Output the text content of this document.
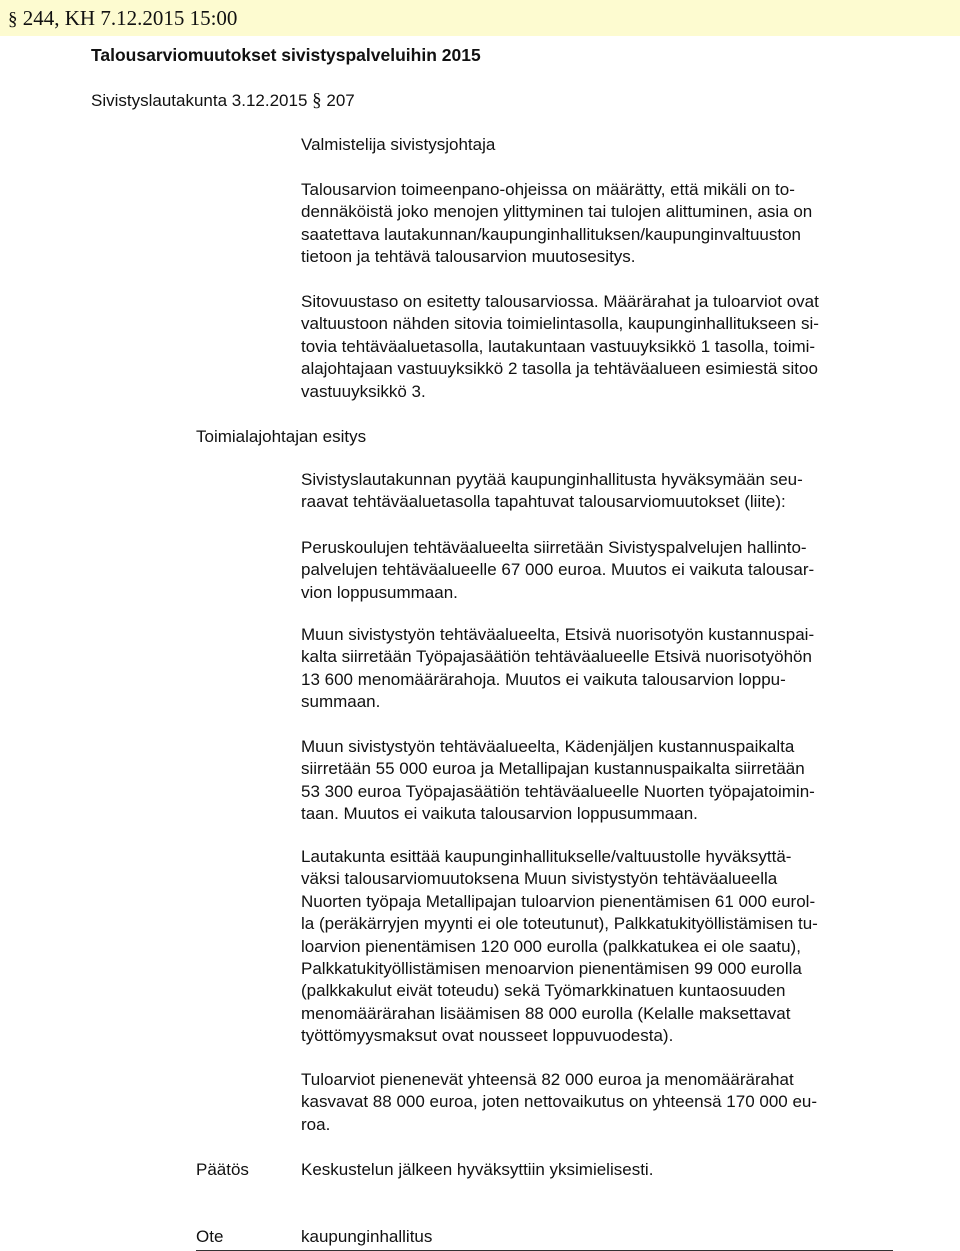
§ 244, KH 7.12.2015 15:00
Talousarviomuutokset sivistyspalveluihin 2015
Sivistyslautakunta 3.12.2015 § 207
Valmistelija sivistysjohtaja
Talousarvion toimeenpano-ohjeissa on määrätty, että mikäli on to-
dennäköistä joko menojen ylittyminen tai tulojen alittuminen, asia on
saatettava lautakunnan/kaupunginhallituksen/kaupunginvaltuuston
tietoon ja tehtävä talousarvion muutosesitys.
Sitovuustaso on esitetty talousarviossa. Määrärahat ja tuloarviot ovat
valtuustoon nähden sitovia toimielintasolla, kaupunginhallitukseen si-
tovia tehtäväaluetasolla, lautakuntaan vastuuyksikkö 1 tasolla, toimi-
alajohtajaan vastuuyksikkö 2 tasolla ja tehtäväalueen esimiestä sitoo
vastuuyksikkö 3.
Toimialajohtajan esitys
Sivistyslautakunnan pyytää kaupunginhallitusta hyväksymään seu-
raavat tehtäväaluetasolla tapahtuvat talousarviomuutokset (liite):
Peruskoulujen tehtäväalueelta siirretään Sivistyspalvelujen hallinto-
palvelujen tehtäväalueelle 67 000 euroa. Muutos ei vaikuta talousar-
vion loppusummaan.
Muun sivistystyön tehtäväalueelta, Etsivä nuorisotyön kustannuspai-
kalta siirretään Työpajasäätiön tehtäväalueelle Etsivä nuorisotyöhön
13 600 menomäärärahoja. Muutos ei vaikuta talousarvion loppu-
summaan.
Muun sivistystyön tehtäväalueelta, Kädenjäljen kustannuspaikalta
siirretään 55 000 euroa ja Metallipajan kustannuspaikalta siirretään
53 300 euroa Työpajasäätiön tehtäväalueelle Nuorten työpajatoimin-
taan. Muutos ei vaikuta talousarvion loppusummaan.
Lautakunta esittää kaupunginhallitukselle/valtuustolle hyväksyttä-
väksi talousarviomuutoksena Muun sivistystyön tehtäväalueella
Nuorten työpaja Metallipajan tuloarvion pienentämisen 61 000 eurol-
la (peräkärryjen myynti ei ole toteutunut), Palkkatukityöllistämisen tu-
loarvion pienentämisen 120 000 eurolla (palkkatukea ei ole saatu),
Palkkatukityöllistämisen menoarvion pienentämisen 99 000 eurolla
(palkkakulut eivät toteudu) sekä Työmarkkinatuen kuntaosuuden
menomäärärahan lisäämisen 88 000 eurolla (Kelalle maksettavat
työttömyysmaksut ovat nousseet loppuvuodesta).
Tuloarviot pienenevät yhteensä 82 000 euroa ja menomäärärahat
kasvavat 88 000 euroa, joten nettovaikutus on yhteensä 170 000 eu-
roa.
Päätös	Keskustelun jälkeen hyväksyttiin yksimielisesti.
Ote	kaupunginhallitus
